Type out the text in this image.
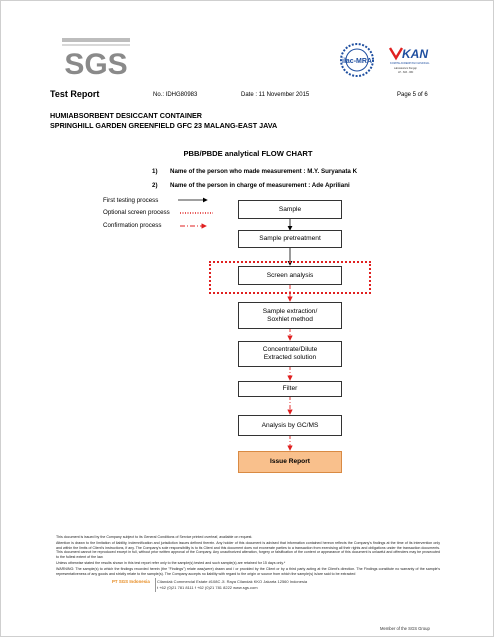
SGS	ilac-MRA
KAN
KOMITE AKREDITASI NASIONAL
Laboratorium Penguji
LP - 603 - IDN
Test Report	No.: IDHG80983	Date : 11 November 2015	Page 5 of 6
HUMIABSORBENT DESICCANT CONTAINER
SPRINGHILL GARDEN GREENFIELD GFC 23 MALANG-EAST JAVA
PBB/PBDE analytical FLOW CHART
1) Name of the person who made measurement : M.Y. Suryanata K
2) Name of the person in charge of measurement : Ade Apriliani
First testing process
Optional screen process
Confirmation process
Sample
Sample pretreatment
Screen analysis
Sample extraction/
Soxhlet method
Concentrate/Dilute
Extracted solution
Filter
Analysis by GC/MS
Issue Report
This document is issued by the Company subject to its General Conditions of Service printed overleaf, available on request.
Attention is drawn to the limitation of liability, indemnification and jurisdiction issues defined therein. Any holder of this document is advised that information contained hereon reflects the Company's findings at the time of its intervention only and within the limits of Client's instructions, if any. The Company's sole responsibility is to its Client and this document does not exonerate parties to a transaction from exercising all their rights and obligations under the transaction documents. This document cannot be reproduced except in full, without prior written approval of the Company. Any unauthorized alteration, forgery or falsification of the content or appearance of this document is unlawful and offenders may be prosecuted to the fullest extent of the law.
Unless otherwise stated the results shown in this test report refer only to the sample(s) tested and such sample(s) are retained for 15 days only.*
WARNING: The sample(s) to which the findings recorded herein (the "Findings") relate was(were) drawn and / or provided by the Client or by a third party acting at the Client's direction. The Findings constitute no warranty of the sample's representativeness of any goods and strictly relate to the sample(s). The Company accepts no liability with regard to the origin or source from which the sample(s) is/are said to be extracted
PT SGS Indonesia Cilandak Commercial Estate #108C Jl. Raya Cilandak KKO Jakarta 12560 Indonesia
t +62 (0)21 781 8111 f +62 (0)21 781 8222 www.sgs.com
Member of the SGS Group
